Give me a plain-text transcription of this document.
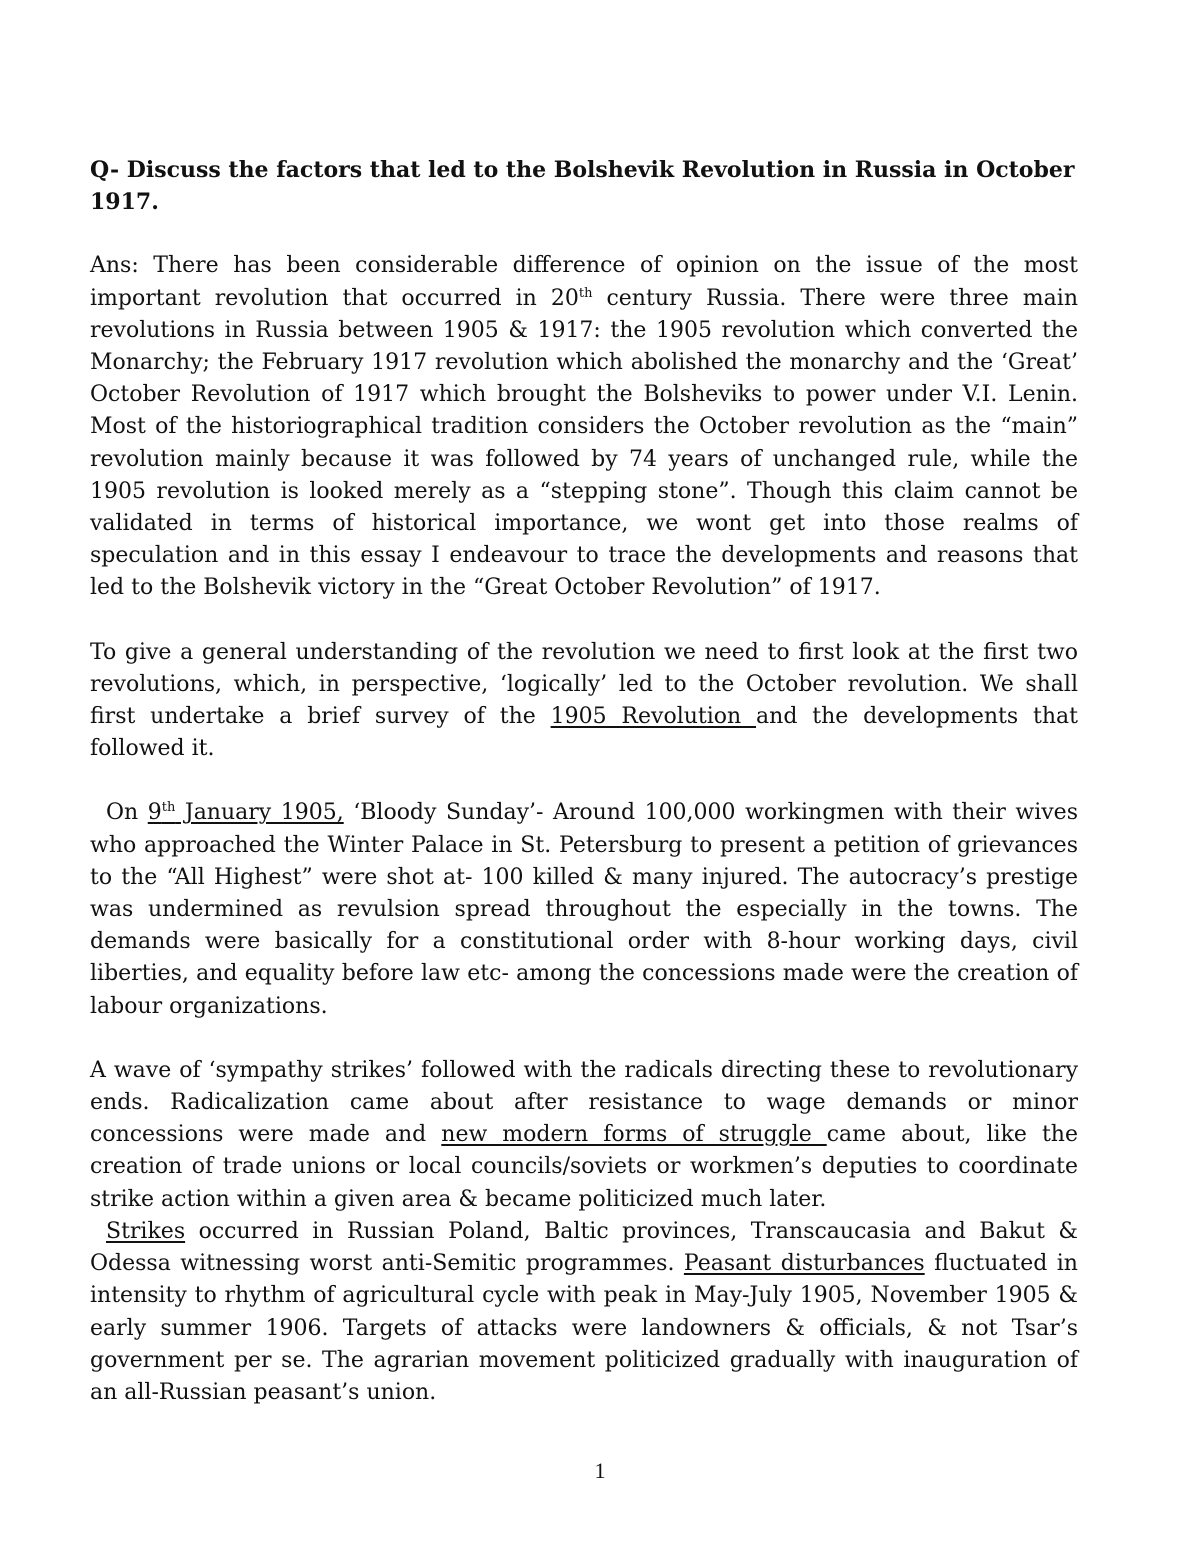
Q- Discuss the factors that led to the Bolshevik Revolution in Russia in October 1917.

Ans: There has been considerable difference of opinion on the issue of the most important revolution that occurred in 20th century Russia. There were three main revolutions in Russia between 1905 & 1917: the 1905 revolution which converted the Monarchy; the February 1917 revolution which abolished the monarchy and the ‘Great’ October Revolution of 1917 which brought the Bolsheviks to power under V.I. Lenin. Most of the historiographical tradition considers the October revolution as the “main” revolution mainly because it was followed by 74 years of unchanged rule, while the 1905 revolution is looked merely as a “stepping stone”. Though this claim cannot be validated in terms of historical importance, we wont get into those realms of speculation and in this essay I endeavour to trace the developments and reasons that led to the Bolshevik victory in the “Great October Revolution” of 1917.

To give a general understanding of the revolution we need to first look at the first two revolutions, which, in perspective, ‘logically’ led to the October revolution. We shall first undertake a brief survey of the 1905 Revolution and the developments that followed it.

On 9th January 1905, ‘Bloody Sunday’- Around 100,000 workingmen with their wives who approached the Winter Palace in St. Petersburg to present a petition of grievances to the “All Highest” were shot at- 100 killed & many injured. The autocracy’s prestige was undermined as revulsion spread throughout the especially in the towns. The demands were basically for a constitutional order with 8-hour working days, civil liberties, and equality before law etc- among the concessions made were the creation of labour organizations.

A wave of ‘sympathy strikes’ followed with the radicals directing these to revolutionary ends. Radicalization came about after resistance to wage demands or minor concessions were made and new modern forms of struggle came about, like the creation of trade unions or local councils/soviets or workmen’s deputies to coordinate strike action within a given area & became politicized much later.

Strikes occurred in Russian Poland, Baltic provinces, Transcaucasia and Bakut & Odessa witnessing worst anti-Semitic programmes. Peasant disturbances fluctuated in intensity to rhythm of agricultural cycle with peak in May-July 1905, November 1905 & early summer 1906. Targets of attacks were landowners & officials, & not Tsar’s government per se. The agrarian movement politicized gradually with inauguration of an all-Russian peasant’s union.

1
